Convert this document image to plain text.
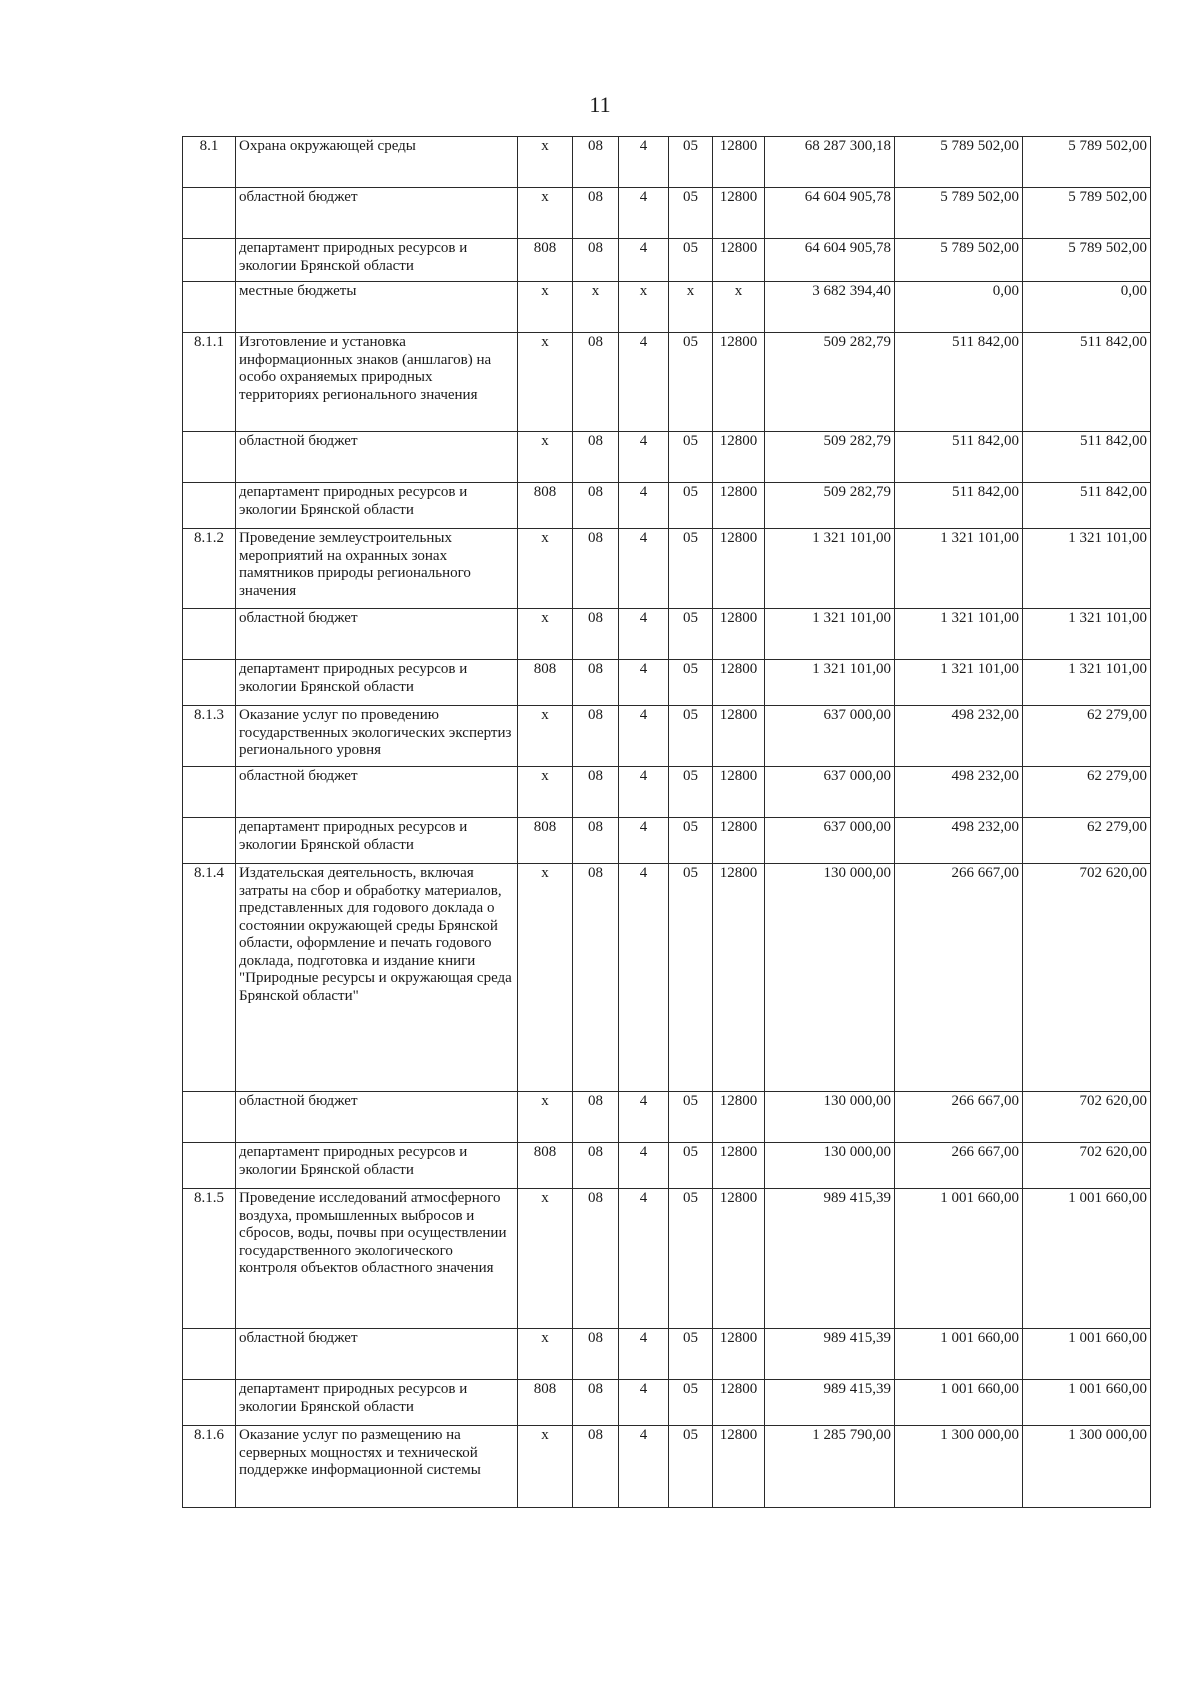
11
8.1	Охрана окружающей среды	х	08	4	05	12800	68 287 300,18	5 789 502,00	5 789 502,00
	областной бюджет	х	08	4	05	12800	64 604 905,78	5 789 502,00	5 789 502,00
	департамент природных ресурсов и экологии Брянской области	808	08	4	05	12800	64 604 905,78	5 789 502,00	5 789 502,00
	местные бюджеты	х	х	х	х	х	3 682 394,40	0,00	0,00
8.1.1	Изготовление и установка информационных знаков (аншлагов) на особо охраняемых природных территориях регионального значения	х	08	4	05	12800	509 282,79	511 842,00	511 842,00
	областной бюджет	х	08	4	05	12800	509 282,79	511 842,00	511 842,00
	департамент природных ресурсов и экологии Брянской области	808	08	4	05	12800	509 282,79	511 842,00	511 842,00
8.1.2	Проведение землеустроительных мероприятий на охранных зонах памятников природы регионального значения	х	08	4	05	12800	1 321 101,00	1 321 101,00	1 321 101,00
	областной бюджет	х	08	4	05	12800	1 321 101,00	1 321 101,00	1 321 101,00
	департамент природных ресурсов и экологии Брянской области	808	08	4	05	12800	1 321 101,00	1 321 101,00	1 321 101,00
8.1.3	Оказание услуг по проведению государственных экологических экспертиз регионального уровня	х	08	4	05	12800	637 000,00	498 232,00	62 279,00
	областной бюджет	х	08	4	05	12800	637 000,00	498 232,00	62 279,00
	департамент природных ресурсов и экологии Брянской области	808	08	4	05	12800	637 000,00	498 232,00	62 279,00
8.1.4	Издательская деятельность, включая затраты на сбор и обработку материалов, представленных для годового доклада о состоянии окружающей среды Брянской области, оформление и печать годового доклада, подготовка и издание книги "Природные ресурсы и окружающая среда Брянской области"	х	08	4	05	12800	130 000,00	266 667,00	702 620,00
	областной бюджет	х	08	4	05	12800	130 000,00	266 667,00	702 620,00
	департамент природных ресурсов и экологии Брянской области	808	08	4	05	12800	130 000,00	266 667,00	702 620,00
8.1.5	Проведение исследований атмосферного воздуха, промышленных выбросов и сбросов, воды, почвы при осуществлении государственного экологического контроля объектов областного значения	х	08	4	05	12800	989 415,39	1 001 660,00	1 001 660,00
	областной бюджет	х	08	4	05	12800	989 415,39	1 001 660,00	1 001 660,00
	департамент природных ресурсов и экологии Брянской области	808	08	4	05	12800	989 415,39	1 001 660,00	1 001 660,00
8.1.6	Оказание услуг по размещению на серверных мощностях и технической поддержке информационной системы	х	08	4	05	12800	1 285 790,00	1 300 000,00	1 300 000,00
